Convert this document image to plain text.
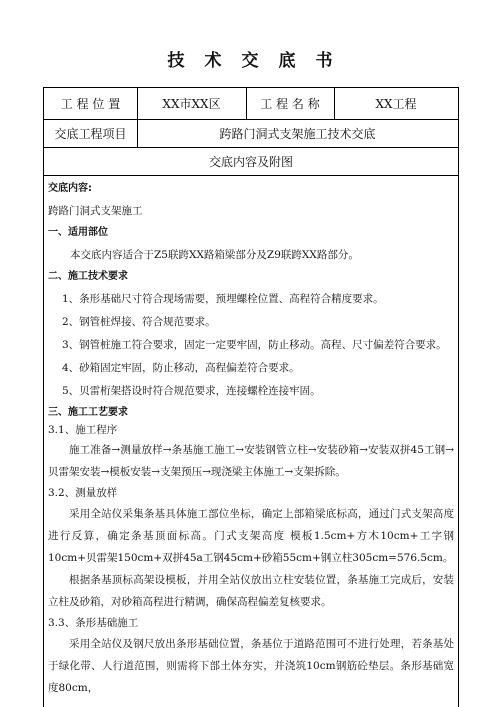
技术交底书
工 程 位 置	XX市XX区	工 程 名 称	XX工程
交底工程项目	跨路门洞式支架施工技术交底
交底内容及附图

交底内容:

跨路门洞式支架施工

一、适用部位

本交底内容适合于Z5联跨XX路箱梁部分及Z9联跨XX路部分。

二、施工技术要求

1、条形基础尺寸符合现场需要，预埋螺栓位置、高程符合精度要求。

2、钢管桩焊接、符合规范要求。

3、钢管桩施工符合要求，固定一定要牢固，防止移动。高程、尺寸偏差符合要求。

4、砂箱固定牢固，防止移动，高程偏差符合要求。

5、贝雷桁架搭设时符合规范要求，连接螺栓连接牢固。

三、施工工艺要求

3.1、施工程序

施工准备→测量放样→条基施工施工→安装钢管立柱→安装砂箱→安装双拼45工钢→贝雷架安装→模板安装→支架预压→现浇梁主体施工→支架拆除。

3.2、测量放样

采用全站仪采集条基具体施工部位坐标，确定上部箱梁底标高，通过门式支架高度进行反算，确定条基顶面标高。门式支架高度 模板1.5cm+方木10cm+工字钢10cm+贝雷架150cm+双拼45a工钢45cm+砂箱55cm+钢立柱305cm=576.5cm。

根据条基顶标高架设模板，并用全站仪放出立柱安装位置，条基施工完成后，安装立柱及砂箱，对砂箱高程进行精调，确保高程偏差复核要求。

3.3、条形基础施工

采用全站仪及钢尺放出条形基础位置，条基位于道路范围可不进行处理，若条基处于绿化带、人行道范围，则需将下部土体夯实，并浇筑10cm钢筋砼垫层。条形基础宽度80cm，
